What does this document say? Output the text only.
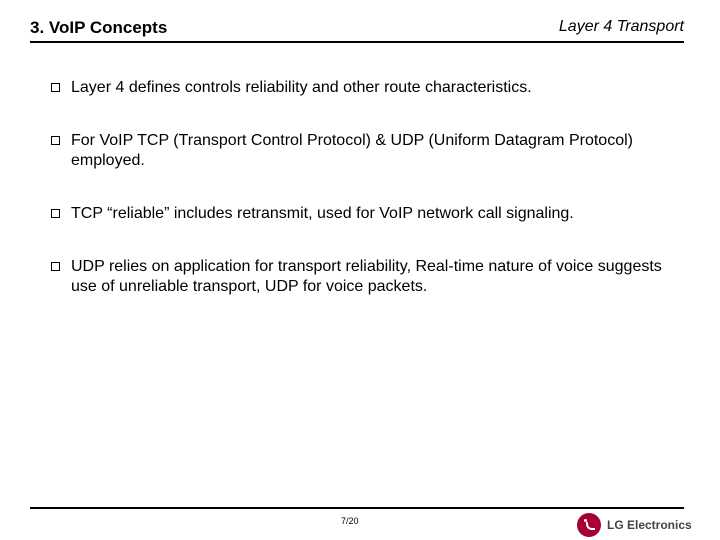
3. VoIP Concepts	Layer 4 Transport
Layer 4 defines controls reliability and other route characteristics.
For VoIP TCP (Transport Control Protocol) & UDP (Uniform Datagram Protocol) employed.
TCP “reliable” includes retransmit, used for VoIP network call signaling.
UDP relies on application for transport reliability, Real-time nature of voice suggests use of unreliable transport, UDP for voice packets.
7/20	LG Electronics
